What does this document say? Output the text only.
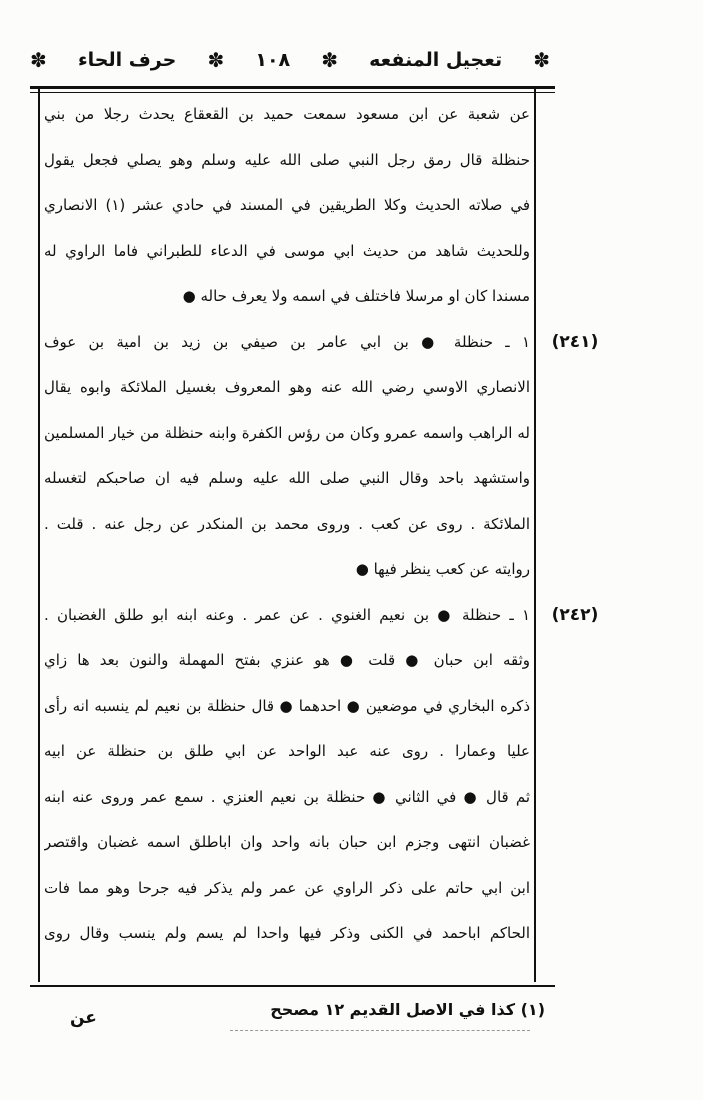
✽
تعجيل المنفعه
✽
١٠٨
✽
حرف الحاء
✽
عن شعبة عن ابن مسعود سمعت حميد بن القعقاع يحدث رجلا من بني
حنظلة قال رمق رجل النبي صلى الله عليه وسلم وهو يصلي فجعل يقول
في صلاته الحديث وكلا الطريقين في المسند في حادي عشر (١) الانصاري
وللحديث شاهد من حديث ابي موسى في الدعاء للطبراني فاما الراوي له
مسندا كان او مرسلا فاختلف في اسمه ولا يعرف حاله ●
١ ـ حنظلة ● بن ابي عامر بن صيفي بن زيد بن امية بن عوف
الانصاري الاوسي رضي الله عنه وهو المعروف بغسيل الملائكة وابوه يقال
له الراهب واسمه عمرو وكان من رؤس الكفرة وابنه حنظلة من خيار المسلمين
واستشهد باحد وقال النبي صلى الله عليه وسلم فيه ان صاحبكم لتغسله
الملائكة . روى عن كعب . وروى محمد بن المنكدر عن رجل عنه . قلت .
روايته عن كعب ينظر فيها ●
١ ـ حنظلة ● بن نعيم الغنوي . عن عمر . وعنه ابنه ابو طلق الغضبان .
وثقه ابن حبان ● قلت ● هو عنزي بفتح المهملة والنون بعد ها زاي
ذكره البخاري في موضعين ● احدهما ● قال حنظلة بن نعيم لم ينسبه انه رأى
عليا وعمارا . روى عنه عبد الواحد عن ابي طلق بن حنظلة عن ابيه
ثم قال ● في الثاني ● حنظلة بن نعيم العنزي . سمع عمر وروى عنه ابنه
غضبان انتهى وجزم ابن حبان بانه واحد وان اباطلق اسمه غضبان واقتصر
ابن ابي حاتم على ذكر الراوي عن عمر ولم يذكر فيه جرحا وهو مما فات
الحاكم اباحمد في الكنى وذكر فيها واحدا لم يسم ولم ينسب وقال روى
(٢٤١)
(٢٤٢)
(١) كذا في الاصل القديم ١٢ مصحح
عن
